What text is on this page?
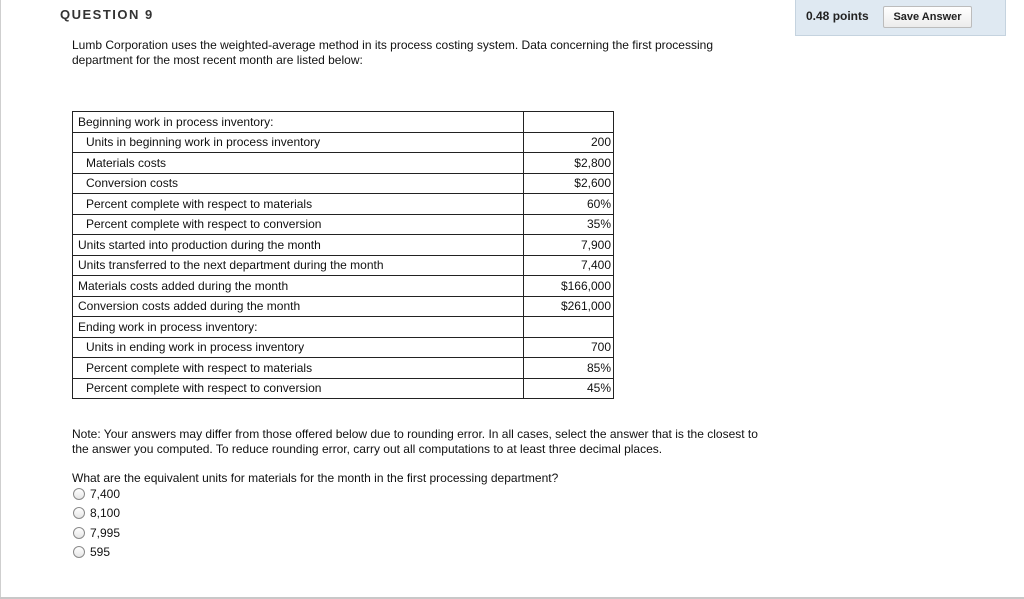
QUESTION 9	0.48 points	Save Answer
Lumb Corporation uses the weighted-average method in its process costing system. Data concerning the first processing department for the most recent month are listed below:
Beginning work in process inventory:	
Units in beginning work in process inventory	200
Materials costs	$2,800
Conversion costs	$2,600
Percent complete with respect to materials	60%
Percent complete with respect to conversion	35%
Units started into production during the month	7,900
Units transferred to the next department during the month	7,400
Materials costs added during the month	$166,000
Conversion costs added during the month	$261,000
Ending work in process inventory:	
Units in ending work in process inventory	700
Percent complete with respect to materials	85%
Percent complete with respect to conversion	45%
Note: Your answers may differ from those offered below due to rounding error. In all cases, select the answer that is the closest to the answer you computed. To reduce rounding error, carry out all computations to at least three decimal places.
What are the equivalent units for materials for the month in the first processing department?
7,400
8,100
7,995
595
